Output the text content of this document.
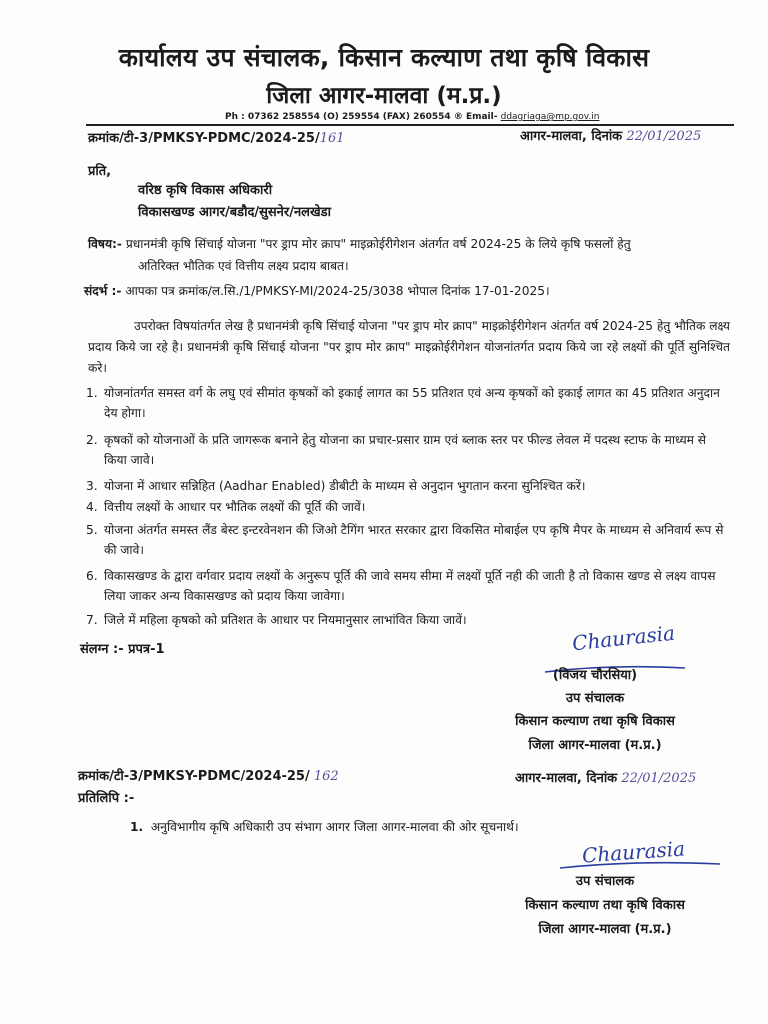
कार्यालय उप संचालक, किसान कल्याण तथा कृषि विकास
जिला आगर-मालवा (म.प्र.)
Ph : 07362 258554 (O) 259554 (FAX) 260554 ® Email- ddagriaga@mp.gov.in
क्रमांक/टी-3/PMKSY-PDMC/2024-25/161	आगर-मालवा, दिनांक 22/01/2025
प्रति,
वरिष्ठ कृषि विकास अधिकारी
विकासखण्ड आगर/बडौद/सुसनेर/नलखेडा
विषय:- प्रधानमंत्री कृषि सिंचाई योजना "पर ड्राप मोर क्राप" माइक्रोईरीगेशन अंतर्गत वर्ष 2024-25 के लिये कृषि फसलों हेतु
अतिरिक्त भौतिक एवं वित्तीय लक्ष्य प्रदाय बाबत।
संदर्भ :- आपका पत्र क्रमांक/ल.सि./1/PMKSY-MI/2024-25/3038 भोपाल दिनांक 17-01-2025।
उपरोक्त विषयांतर्गत लेख है प्रधानमंत्री कृषि सिंचाई योजना "पर ड्राप मोर क्राप" माइक्रोईरीगेशन अंतर्गत वर्ष 2024-25 हेतु भौतिक लक्ष्य प्रदाय किये जा रहे है। प्रधानमंत्री कृषि सिंचाई योजना "पर ड्राप मोर क्राप" माइक्रोईरीगेशन योजनांतर्गत प्रदाय किये जा रहे लक्ष्यों की पूर्ति सुनिश्चित करे।
1. योजनांतर्गत समस्त वर्ग के लघु एवं सीमांत कृषकों को इकाई लागत का 55 प्रतिशत एवं अन्य कृषकों को इकाई लागत का 45 प्रतिशत अनुदान देय होगा।
2. कृषकों को योजनाओं के प्रति जागरूक बनाने हेतु योजना का प्रचार-प्रसार ग्राम एवं ब्लाक स्तर पर फील्ड लेवल में पदस्थ स्टाफ के माध्यम से किया जावे।
3. योजना में आधार सन्निहित (Aadhar Enabled) डीबीटी के माध्यम से अनुदान भुगतान करना सुनिश्चित करें।
4. वित्तीय लक्ष्यों के आधार पर भौतिक लक्ष्यों की पूर्ति की जावें।
5. योजना अंतर्गत समस्त लैंड बेस्ट इन्टरवेनशन की जिओ टैगिंग भारत सरकार द्वारा विकसित मोबाईल एप कृषि मैपर के माध्यम से अनिवार्य रूप से की जावे।
6. विकासखण्ड के द्वारा वर्गवार प्रदाय लक्ष्यों के अनुरूप पूर्ति की जावे समय सीमा में लक्ष्यों पूर्ति नही की जाती है तो विकास खण्ड से लक्ष्य वापस लिया जाकर अन्य विकासखण्ड को प्रदाय किया जावेगा।
7. जिले में महिला कृषको को प्रतिशत के आधार पर नियमानुसार लाभांवित किया जावें।
संलग्न :- प्रपत्र-1	Chaurasia
(विजय चौरसिया)
उप संचालक
किसान कल्याण तथा कृषि विकास
जिला आगर-मालवा (म.प्र.)
क्रमांक/टी-3/PMKSY-PDMC/2024-25/ 162	आगर-मालवा, दिनांक 22/01/2025
प्रतिलिपि :-
1. अनुविभागीय कृषि अधिकारी उप संभाग आगर जिला आगर-मालवा की ओर सूचनार्थ।
Chaurasia
उप संचालक
किसान कल्याण तथा कृषि विकास
जिला आगर-मालवा (म.प्र.)
